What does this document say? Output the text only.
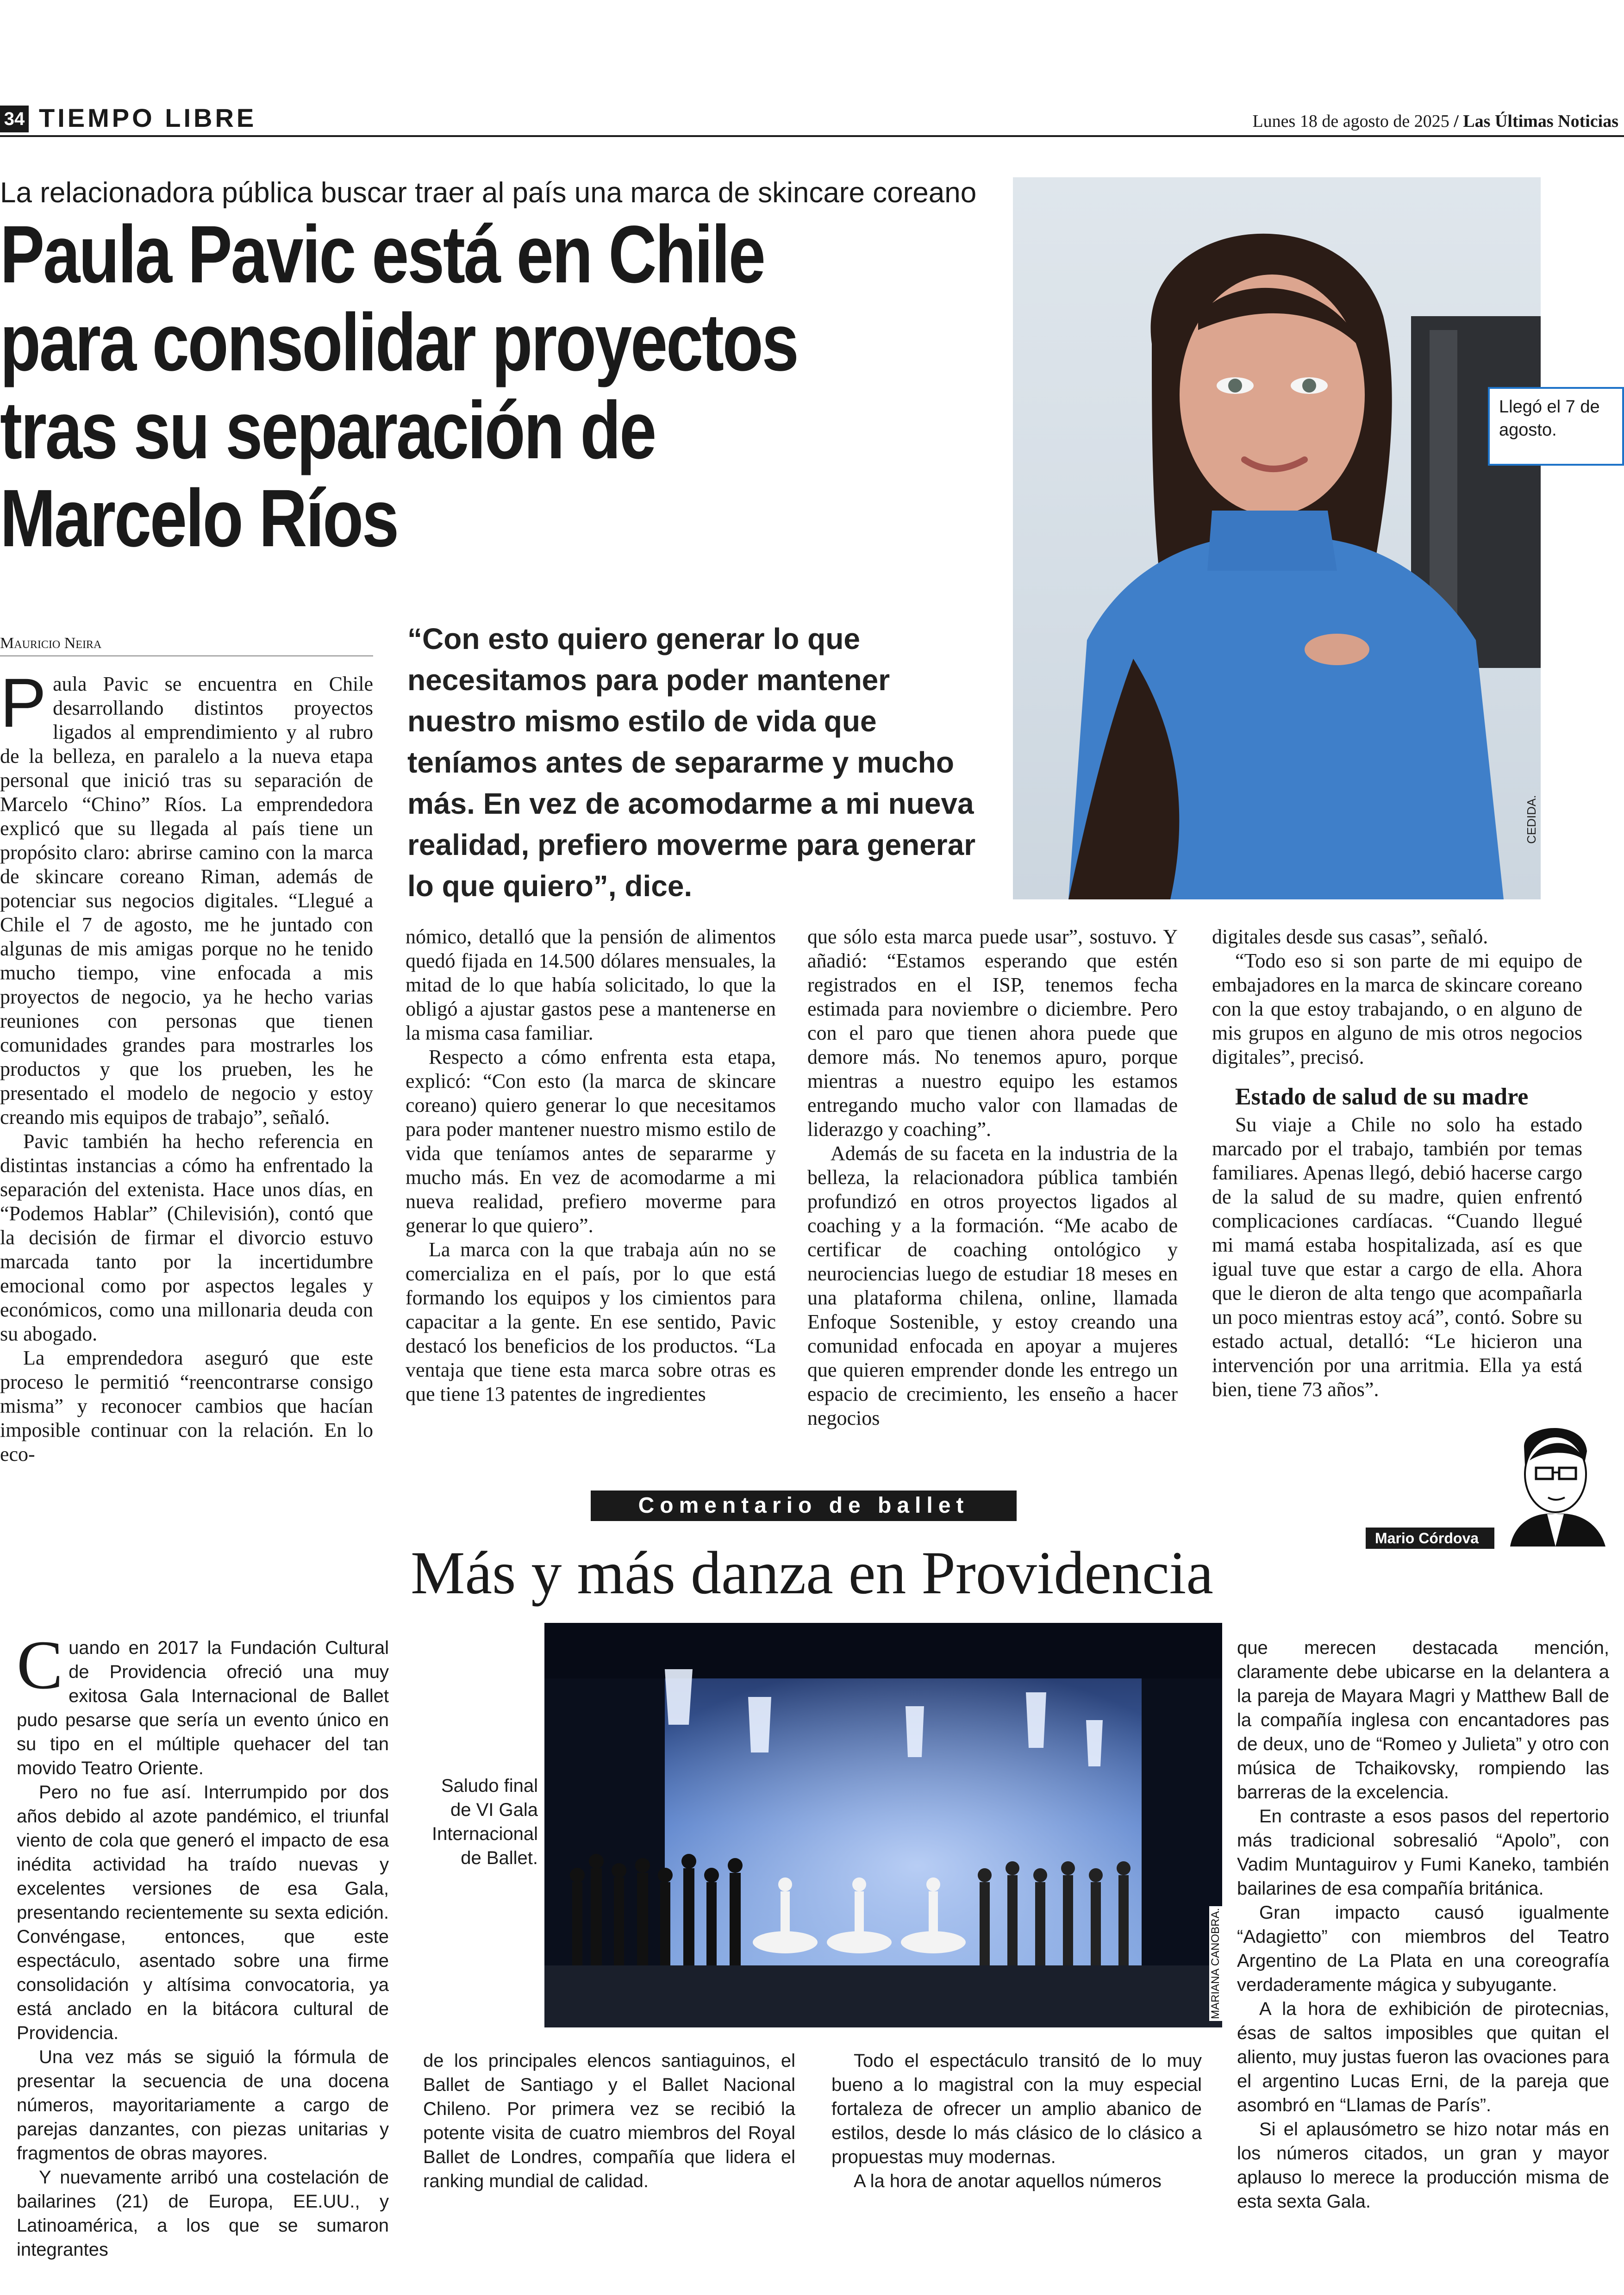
34 TIEMPO LIBRE	Lunes 18 de agosto de 2025 / Las Últimas Noticias
La relacionadora pública buscar traer al país una marca de skincare coreano
Paula Pavic está en Chile para consolidar proyectos tras su separación de Marcelo Ríos
CEDIDA.
Llegó el 7 de agosto.
Mauricio Neira	“Con esto quiero generar lo que necesitamos para poder mantener nuestro mismo estilo de vida que teníamos antes de separarme y mucho más. En vez de acomodarme a mi nueva realidad, prefiero moverme para generar lo que quiero”, dice.

Paula Pavic se encuentra en Chile desarrollando distintos proyectos ligados al emprendimiento y al rubro de la belleza, en paralelo a la nueva etapa personal que inició tras su separación de Marcelo “Chino” Ríos. La emprendedora explicó que su llegada al país tiene un propósito claro: abrirse camino con la marca de skincare coreano Riman, además de potenciar sus negocios digitales. “Llegué a Chile el 7 de agosto, me he juntado con algunas de mis amigas porque no he tenido mucho tiempo, vine enfocada a mis proyectos de negocio, ya he hecho varias reuniones con personas que tienen comunidades grandes para mostrarles los productos y que los prueben, les he presentado el modelo de negocio y estoy creando mis equipos de trabajo”, señaló.

Pavic también ha hecho referencia en distintas instancias a cómo ha enfrentado la separación del extenista. Hace unos días, en “Podemos Hablar” (Chilevisión), contó que la decisión de firmar el divorcio estuvo marcada tanto por la incertidumbre emocional como por aspectos legales y económicos, como una millonaria deuda con su abogado.

La emprendedora aseguró que este proceso le permitió “reencontrarse consigo misma” y reconocer cambios que hacían imposible continuar con la relación. En lo eco-

nómico, detalló que la pensión de alimentos quedó fijada en 14.500 dólares mensuales, la mitad de lo que había solicitado, lo que la obligó a ajustar gastos pese a mantenerse en la misma casa familiar.

Respecto a cómo enfrenta esta etapa, explicó: “Con esto (la marca de skincare coreano) quiero generar lo que necesitamos para poder mantener nuestro mismo estilo de vida que teníamos antes de separarme y mucho más. En vez de acomodarme a mi nueva realidad, prefiero moverme para generar lo que quiero”.

La marca con la que trabaja aún no se comercializa en el país, por lo que está formando los equipos y los cimientos para capacitar a la gente. En ese sentido, Pavic destacó los beneficios de los productos. “La ventaja que tiene esta marca sobre otras es que tiene 13 patentes de ingredientes

que sólo esta marca puede usar”, sostuvo. Y añadió: “Estamos esperando que estén registrados en el ISP, tenemos fecha estimada para noviembre o diciembre. Pero con el paro que tienen ahora puede que demore más. No tenemos apuro, porque mientras a nuestro equipo les estamos entregando mucho valor con llamadas de liderazgo y coaching”.

Además de su faceta en la industria de la belleza, la relacionadora pública también profundizó en otros proyectos ligados al coaching y a la formación. “Me acabo de certificar de coaching ontológico y neurociencias luego de estudiar 18 meses en una plataforma chilena, online, llamada Enfoque Sostenible, y estoy creando una comunidad enfocada en apoyar a mujeres que quieren emprender donde les entrego un espacio de crecimiento, les enseño a hacer negocios

digitales desde sus casas”, señaló.

“Todo eso si son parte de mi equipo de embajadores en la marca de skincare coreano con la que estoy trabajando, o en alguno de mis grupos en alguno de mis otros negocios digitales”, precisó.

Estado de salud de su madre

Su viaje a Chile no solo ha estado marcado por el trabajo, también por temas familiares. Apenas llegó, debió hacerse cargo de la salud de su madre, quien enfrentó complicaciones cardíacas. “Cuando llegué mi mamá estaba hospitalizada, así es que igual tuve que estar a cargo de ella. Ahora que le dieron de alta tengo que acompañarla un poco mientras estoy acá”, contó. Sobre su estado actual, detalló: “Le hicieron una intervención por una arritmia. Ella ya está bien, tiene 73 años”.

Mario Córdova
Comentario de ballet
Más y más danza en Providencia

Cuando en 2017 la Fundación Cultural de Providencia ofreció una muy exitosa Gala Internacional de Ballet pudo pesarse que sería un evento único en su tipo en el múltiple quehacer del tan movido Teatro Oriente.

Pero no fue así. Interrumpido por dos años debido al azote pandémico, el triunfal viento de cola que generó el impacto de esa inédita actividad ha traído nuevas y excelentes versiones de esa Gala, presentando recientemente su sexta edición. Convéngase, entonces, que este espectáculo, asentado sobre una firme consolidación y altísima convocatoria, ya está anclado en la bitácora cultural de Providencia.

Una vez más se siguió la fórmula de presentar la secuencia de una docena números, mayoritariamente a cargo de parejas danzantes, con piezas unitarias y fragmentos de obras mayores.

Y nuevamente arribó una costelación de bailarines (21) de Europa, EE.UU., y Latinoamérica, a los que se sumaron integrantes

Saludo final de VI Gala Internacional de Ballet.
MARIANA CANOBRA.

de los principales elencos santiaguinos, el Ballet de Santiago y el Ballet Nacional Chileno. Por primera vez se recibió la potente visita de cuatro miembros del Royal Ballet de Londres, compañía que lidera el ranking mundial de calidad.

Todo el espectáculo transitó de lo muy bueno a lo magistral con la muy especial fortaleza de ofrecer un amplio abanico de estilos, desde lo más clásico de lo clásico a propuestas muy modernas.

A la hora de anotar aquellos números

que merecen destacada mención, claramente debe ubicarse en la delantera a la pareja de Mayara Magri y Matthew Ball de la compañía inglesa con encantadores pas de deux, uno de “Romeo y Julieta” y otro con música de Tchaikovsky, rompiendo las barreras de la excelencia.

En contraste a esos pasos del repertorio más tradicional sobresalió “Apolo”, con Vadim Muntaguirov y Fumi Kaneko, también bailarines de esa compañía británica.

Gran impacto causó igualmente “Adagietto” con miembros del Teatro Argentino de La Plata en una coreografía verdaderamente mágica y subyugante.

A la hora de exhibición de pirotecnias, ésas de saltos imposibles que quitan el aliento, muy justas fueron las ovaciones para el argentino Lucas Erni, de la pareja que asombró en “Llamas de París”.

Si el aplausómetro se hizo notar más en los números citados, un gran y mayor aplauso lo merece la producción misma de esta sexta Gala.
